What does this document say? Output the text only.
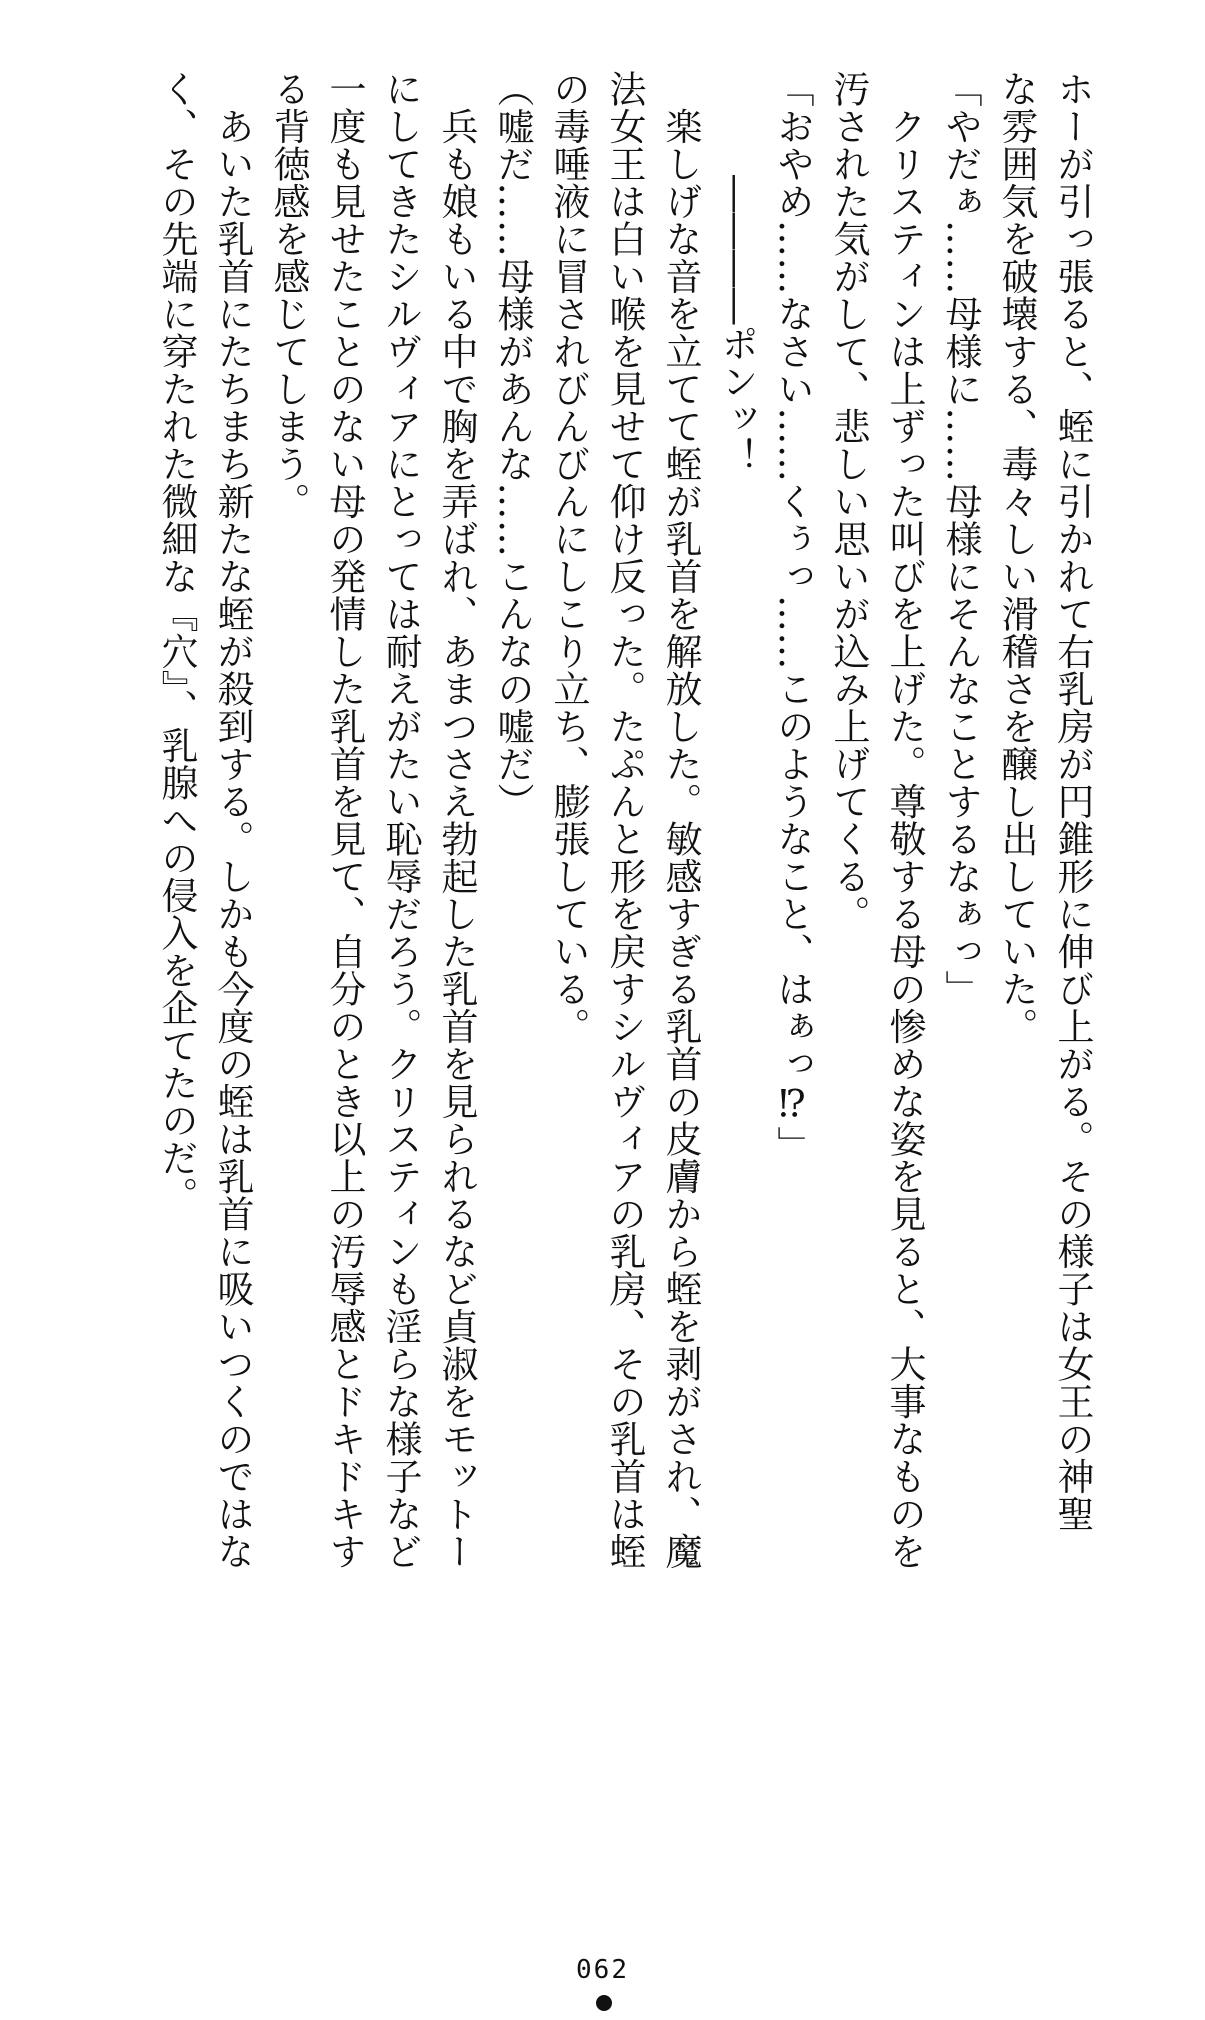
ホーが引っ張ると、蛭に引かれて右乳房が円錐形に伸び上がる。その様子は女王の神聖

な雰囲気を破壊する、毒々しい滑稽さを醸し出していた。

「やだぁ……母様に……母様にそんなことするなぁっ」

　クリスティンは上ずった叫びを上げた。尊敬する母の惨めな姿を見ると、大事なものを

汚された気がして、悲しい思いが込み上げてくる。

「おやめ……なさい……くぅっ……このようなこと、はぁっ⁉」

――――ポンッ！

　楽しげな音を立てて蛭が乳首を解放した。敏感すぎる乳首の皮膚から蛭を剥がされ、魔

法女王は白い喉を見せて仰け反った。たぷんと形を戻すシルヴィアの乳房、その乳首は蛭

の毒唾液に冒されびんびんにしこり立ち、膨張している。

（嘘だ……母様があんな……こんなの嘘だ）

　兵も娘もいる中で胸を弄ばれ、あまつさえ勃起した乳首を見られるなど貞淑をモットー

にしてきたシルヴィアにとっては耐えがたい恥辱だろう。クリスティンも淫らな様子など

一度も見せたことのない母の発情した乳首を見て、自分のとき以上の汚辱感とドキドキす

る背徳感を感じてしまう。

　あいた乳首にたちまち新たな蛭が殺到する。しかも今度の蛭は乳首に吸いつくのではな

く、その先端に穿たれた微細な『穴』、乳腺への侵入を企てたのだ。

062
